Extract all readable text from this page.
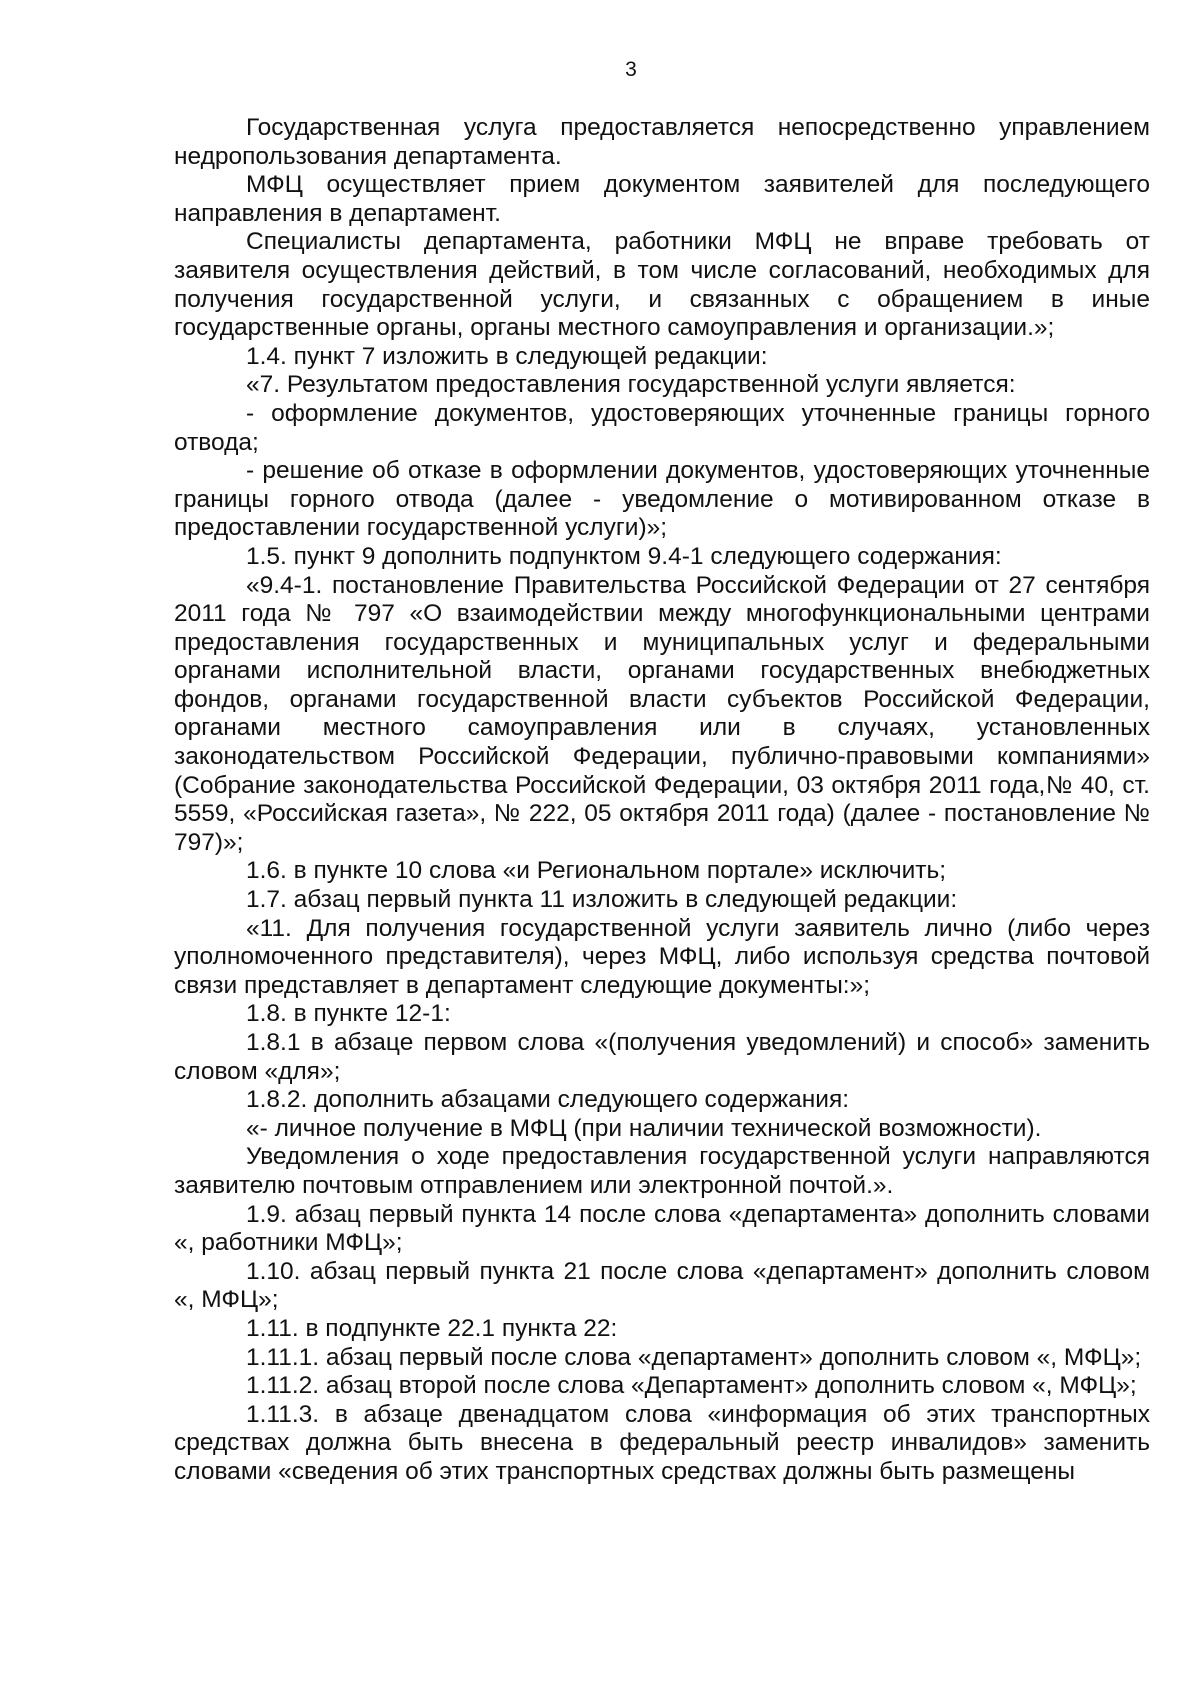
3

Государственная услуга предоставляется непосредственно управлением недропользования департамента.

МФЦ осуществляет прием документом заявителей для последующего направления в департамент.

Специалисты департамента, работники МФЦ не вправе требовать от заявителя осуществления действий, в том числе согласований, необходимых для получения государственной услуги, и связанных с обращением в иные государственные органы, органы местного самоуправления и организации.»;

1.4. пункт 7 изложить в следующей редакции:

«7. Результатом предоставления государственной услуги является:

- оформление документов, удостоверяющих уточненные границы горного отвода;

- решение об отказе в оформлении документов, удостоверяющих уточненные границы горного отвода (далее - уведомление о мотивированном отказе в предоставлении государственной услуги)»;

1.5. пункт 9 дополнить подпунктом 9.4-1 следующего содержания:

«9.4-1. постановление Правительства Российской Федерации от 27 сентября 2011 года № 797 «О взаимодействии между многофункциональными центрами предоставления государственных и муниципальных услуг и федеральными органами исполнительной власти, органами государственных внебюджетных фондов, органами государственной власти субъектов Российской Федерации, органами местного самоуправления или в случаях, установленных законодательством Российской Федерации, публично-правовыми компаниями» (Собрание законодательства Российской Федерации, 03 октября 2011 года,№ 40, ст. 5559, «Российская газета», № 222, 05 октября 2011 года) (далее - постановление № 797)»;

1.6. в пункте 10 слова «и Региональном портале» исключить;

1.7. абзац первый пункта 11 изложить в следующей редакции:

«11. Для получения государственной услуги заявитель лично (либо через уполномоченного представителя), через МФЦ, либо используя средства почтовой связи представляет в департамент следующие документы:»;

1.8. в пункте 12-1:

1.8.1 в абзаце первом слова «(получения уведомлений) и способ» заменить словом «для»;

1.8.2. дополнить абзацами следующего содержания:

«- личное получение в МФЦ (при наличии технической возможности).

Уведомления о ходе предоставления государственной услуги направляются заявителю почтовым отправлением или электронной почтой.».

1.9. абзац первый пункта 14 после слова «департамента» дополнить словами «, работники МФЦ»;

1.10. абзац первый пункта 21 после слова «департамент» дополнить словом «, МФЦ»;

1.11. в подпункте 22.1 пункта 22:

1.11.1. абзац первый после слова «департамент» дополнить словом «, МФЦ»;

1.11.2. абзац второй после слова «Департамент» дополнить словом «, МФЦ»;

1.11.3. в абзаце двенадцатом слова «информация об этих транспортных средствах должна быть внесена в федеральный реестр инвалидов» заменить словами «сведения об этих транспортных средствах должны быть размещены
